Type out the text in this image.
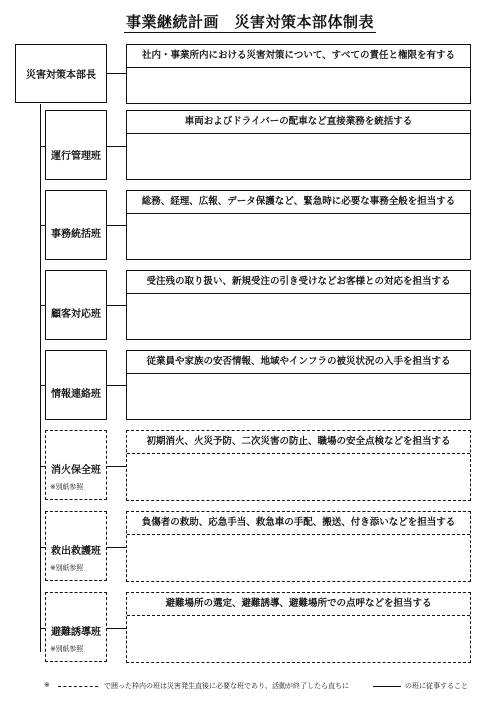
事業継続計画　災害対策本部体制表
災害対策本部長
社内・事業所内における災害対策について、すべての責任と権限を有する
運行管理班
車両およびドライバーの配車など直接業務を統括する
事務統括班
総務、経理、広報、データ保護など、緊急時に必要な事務全般を担当する
顧客対応班
受注残の取り扱い、新規受注の引き受けなどお客様との対応を担当する
情報連絡班
従業員や家族の安否情報、地域やインフラの被災状況の入手を担当する
消火保全班
※別紙参照
初期消火、火災予防、二次災害の防止、職場の安全点検などを担当する
救出救護班
※別紙参照
負傷者の救助、応急手当、救急車の手配、搬送、付き添いなどを担当する
避難誘導班
※別紙参照
避難場所の選定、避難誘導、避難場所での点呼などを担当する
※	で囲った枠内の班は災害発生直後に必要な班であり、活動が終了したら直ちに	の班に従事すること
